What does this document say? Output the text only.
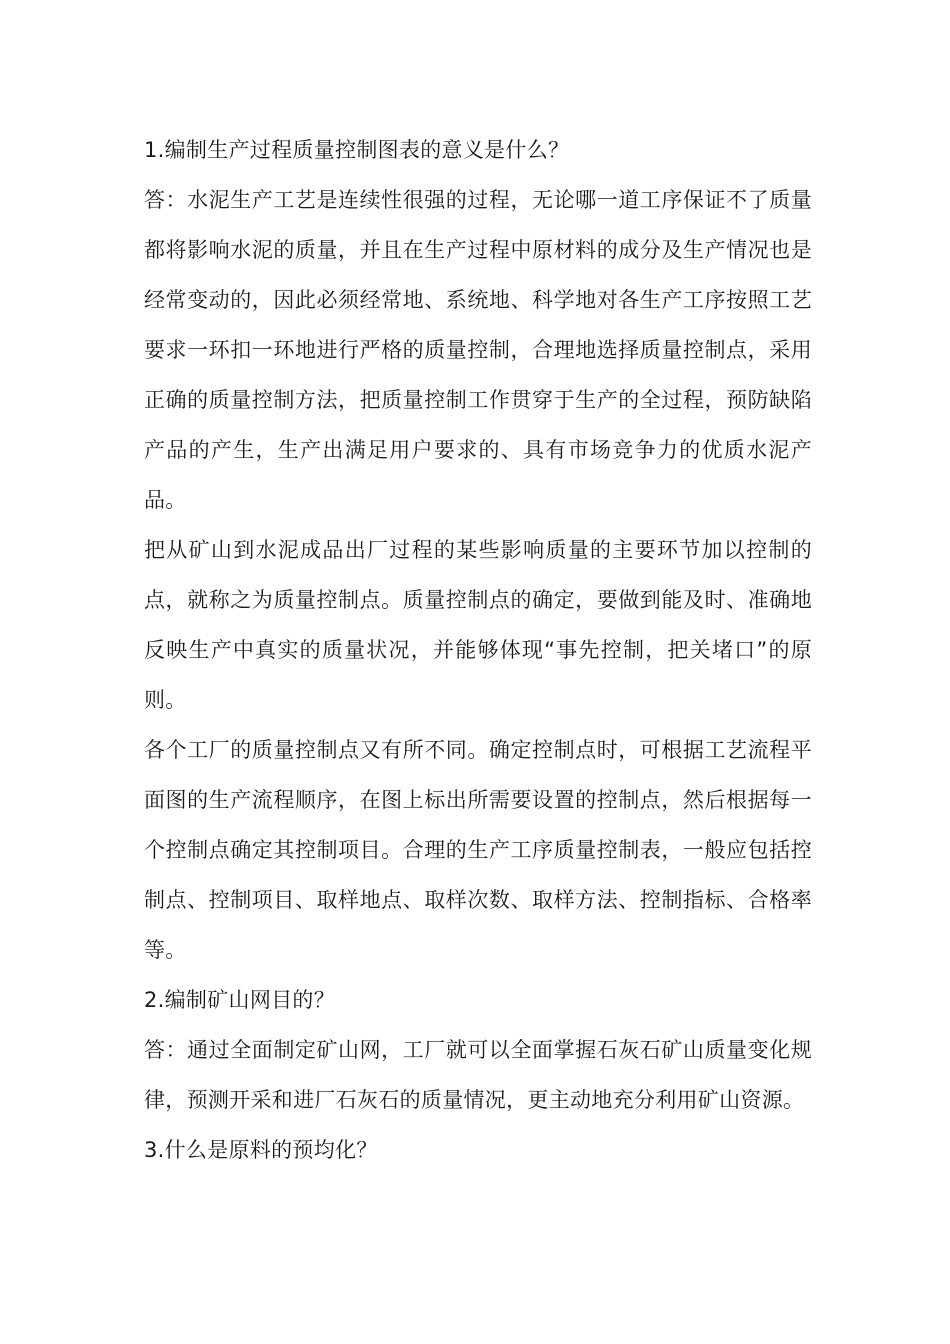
1.编制生产过程质量控制图表的意义是什么？

答：水泥生产工艺是连续性很强的过程，无论哪一道工序保证不了质量都将影响水泥的质量，并且在生产过程中原材料的成分及生产情况也是经常变动的，因此必须经常地、系统地、科学地对各生产工序按照工艺要求一环扣一环地进行严格的质量控制，合理地选择质量控制点，采用正确的质量控制方法，把质量控制工作贯穿于生产的全过程，预防缺陷产品的产生，生产出满足用户要求的、具有市场竞争力的优质水泥产品。

把从矿山到水泥成品出厂过程的某些影响质量的主要环节加以控制的点，就称之为质量控制点。质量控制点的确定，要做到能及时、准确地反映生产中真实的质量状况，并能够体现“事先控制，把关堵口”的原则。

各个工厂的质量控制点又有所不同。确定控制点时，可根据工艺流程平面图的生产流程顺序，在图上标出所需要设置的控制点，然后根据每一个控制点确定其控制项目。合理的生产工序质量控制表，一般应包括控制点、控制项目、取样地点、取样次数、取样方法、控制指标、合格率等。

2.编制矿山网目的？

答：通过全面制定矿山网，工厂就可以全面掌握石灰石矿山质量变化规律，预测开采和进厂石灰石的质量情况，更主动地充分利用矿山资源。

3.什么是原料的预均化？
